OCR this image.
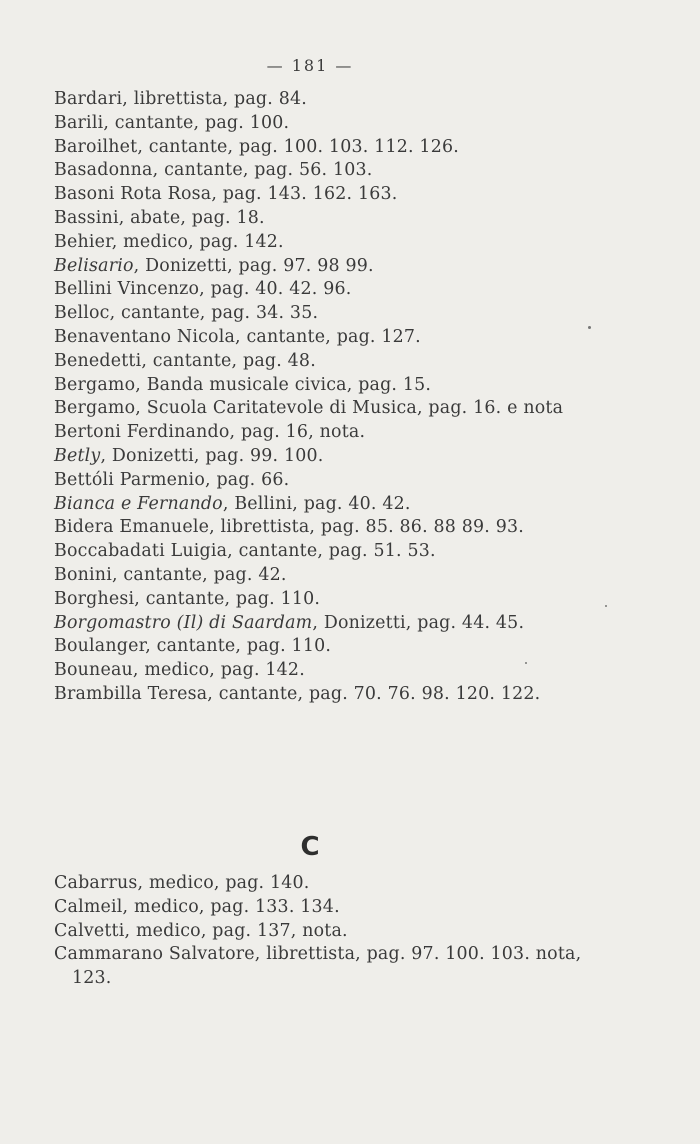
— 181 —
Bardari, librettista, pag. 84.
Barili, cantante, pag. 100.
Baroilhet, cantante, pag. 100. 103. 112. 126.
Basadonna, cantante, pag. 56. 103.
Basoni Rota Rosa, pag. 143. 162. 163.
Bassini, abate, pag. 18.
Behier, medico, pag. 142.
Belisario, Donizetti, pag. 97. 98 99.
Bellini Vincenzo, pag. 40. 42. 96.
Belloc, cantante, pag. 34. 35.
Benaventano Nicola, cantante, pag. 127.
Benedetti, cantante, pag. 48.
Bergamo, Banda musicale civica, pag. 15.
Bergamo, Scuola Caritatevole di Musica, pag. 16. e nota
Bertoni Ferdinando, pag. 16, nota.
Betly, Donizetti, pag. 99. 100.
Bettóli Parmenio, pag. 66.
Bianca e Fernando, Bellini, pag. 40. 42.
Bidera Emanuele, librettista, pag. 85. 86. 88 89. 93.
Boccabadati Luigia, cantante, pag. 51. 53.
Bonini, cantante, pag. 42.
Borghesi, cantante, pag. 110.
Borgomastro (Il) di Saardam, Donizetti, pag. 44. 45.
Boulanger, cantante, pag. 110.
Bouneau, medico, pag. 142.
Brambilla Teresa, cantante, pag. 70. 76. 98. 120. 122.
C
Cabarrus, medico, pag. 140.
Calmeil, medico, pag. 133. 134.
Calvetti, medico, pag. 137, nota.
Cammarano Salvatore, librettista, pag. 97. 100. 103. nota, 123.
